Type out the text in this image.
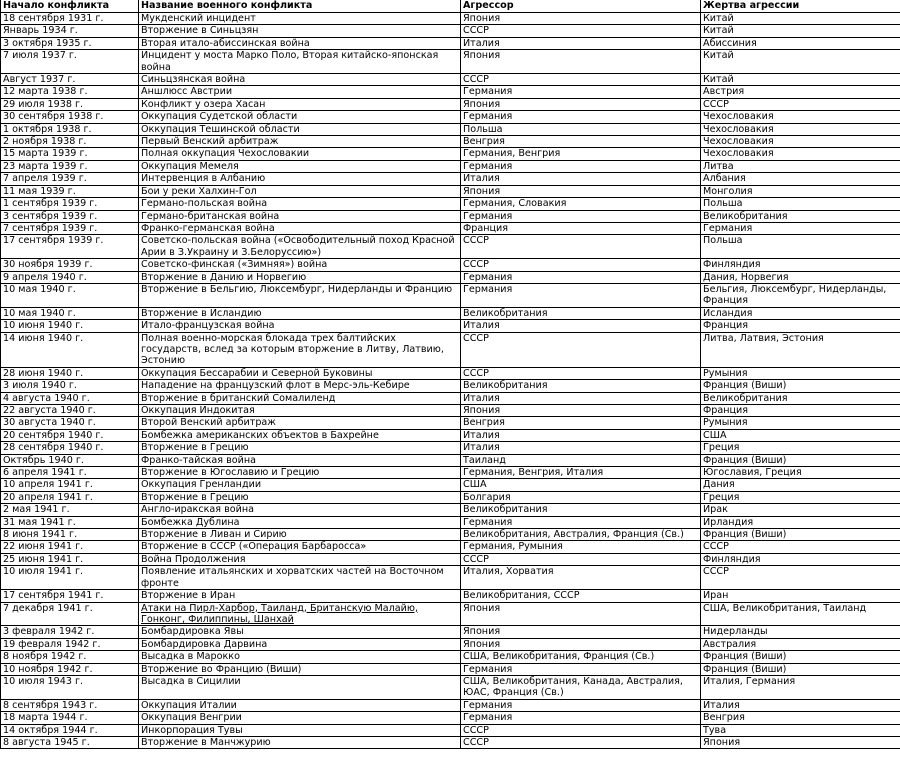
Начало конфликта	Название военного конфликта	Агрессор	Жертва агрессии
18 сентября 1931 г.	Мукденский инцидент	Япония	Китай
Январь 1934 г.	Вторжение в Синьцзян	СССР	Китай
3 октября 1935 г.	Вторая итало-абиссинская война	Италия	Абиссиния
7 июля 1937 г.	Инцидент у моста Марко Поло, Вторая китайско-японская война	Япония	Китай
Август 1937 г.	Синьцзянская война	СССР	Китай
12 марта 1938 г.	Аншлюсс Австрии	Германия	Австрия
29 июля 1938 г.	Конфликт у озера Хасан	Япония	СССР
30 сентября 1938 г.	Оккупация Судетской области	Германия	Чехословакия
1 октября 1938 г.	Оккупация Тешинской области	Польша	Чехословакия
2 ноября 1938 г.	Первый Венский арбитраж	Венгрия	Чехословакия
15 марта 1939 г.	Полная оккупация Чехословакии	Германия, Венгрия	Чехословакия
23 марта 1939 г.	Оккупация Мемеля	Германия	Литва
7 апреля 1939 г.	Интервенция в Албанию	Италия	Албания
11 мая 1939 г.	Бои у реки Халхин-Гол	Япония	Монголия
1 сентября 1939 г.	Германо-польская война	Германия, Словакия	Польша
3 сентября 1939 г.	Германо-британская война	Германия	Великобритания
7 сентября 1939 г.	Франко-германская война	Франция	Германия
17 сентября 1939 г.	Советско-польская война («Освободительный поход Красной Арии в З.Украину и З.Белоруссию»)	СССР	Польша
30 ноября 1939 г.	Советско-финская («Зимняя») война	СССР	Финляндия
9 апреля 1940 г.	Вторжение в Данию и Норвегию	Германия	Дания, Норвегия
10 мая 1940 г.	Вторжение в Бельгию, Люксембург, Нидерланды и Францию	Германия	Бельгия, Люксембург, Нидерланды, Франция
10 мая 1940 г.	Вторжение в Исландию	Великобритания	Исландия
10 июня 1940 г.	Итало-французская война	Италия	Франция
14 июня 1940 г.	Полная военно-морская блокада трех балтийских государств, вслед за которым вторжение в Литву, Латвию, Эстонию	СССР	Литва, Латвия, Эстония
28 июня 1940 г.	Оккупация Бессарабии и Северной Буковины	СССР	Румыния
3 июля 1940 г.	Нападение на французский флот в Мерс-эль-Кебире	Великобритания	Франция (Виши)
4 августа 1940 г.	Вторжение в британский Сомалиленд	Италия	Великобритания
22 августа 1940 г.	Оккупация Индокитая	Япония	Франция
30 августа 1940 г.	Второй Венский арбитраж	Венгрия	Румыния
20 сентября 1940 г.	Бомбежка американских объектов в Бахрейне	Италия	США
28 сентября 1940 г.	Вторжение в Грецию	Италия	Греция
Октябрь 1940 г.	Франко-тайская война	Таиланд	Франция (Виши)
6 апреля 1941 г.	Вторжение в Югославию и Грецию	Германия, Венгрия, Италия	Югославия, Греция
10 апреля 1941 г.	Оккупация Гренландии	США	Дания
20 апреля 1941 г.	Вторжение в Грецию	Болгария	Греция
2 мая 1941 г.	Англо-иракская война	Великобритания	Ирак
31 мая 1941 г.	Бомбежка Дублина	Германия	Ирландия
8 июня 1941 г.	Вторжение в Ливан и Сирию	Великобритания, Австралия, Франция (Св.)	Франция (Виши)
22 июня 1941 г.	Вторжение в СССР («Операция Барбаросса»	Германия, Румыния	СССР
25 июня 1941 г.	Война Продолжения	СССР	Финляндия
10 июля 1941 г.	Появление итальянских и хорватских частей на Восточном фронте	Италия, Хорватия	СССР
17 сентября 1941 г.	Вторжение в Иран	Великобритания, СССР	Иран
7 декабря 1941 г.	Атаки на Пирл-Харбор, Таиланд, Британскую Малайю, Гонконг, Филиппины, Шанхай	Япония	США, Великобритания, Таиланд
3 февраля 1942 г.	Бомбардировка Явы	Япония	Нидерланды
19 февраля 1942 г.	Бомбардировка Дарвина	Япония	Австралия
8 ноября 1942 г.	Высадка в Марокко	США, Великобритания, Франция (Св.)	Франция (Виши)
10 ноября 1942 г.	Вторжение во Францию (Виши)	Германия	Франция (Виши)
10 июля 1943 г.	Высадка в Сицилии	США, Великобритания, Канада, Австралия, ЮАС, Франция (Св.)	Италия, Германия
8 сентября 1943 г.	Оккупация Италии	Германия	Италия
18 марта 1944 г.	Оккупация Венгрии	Германия	Венгрия
14 октября 1944 г.	Инкорпорация Тувы	СССР	Тува
8 августа 1945 г.	Вторжение в Манчжурию	СССР	Япония
